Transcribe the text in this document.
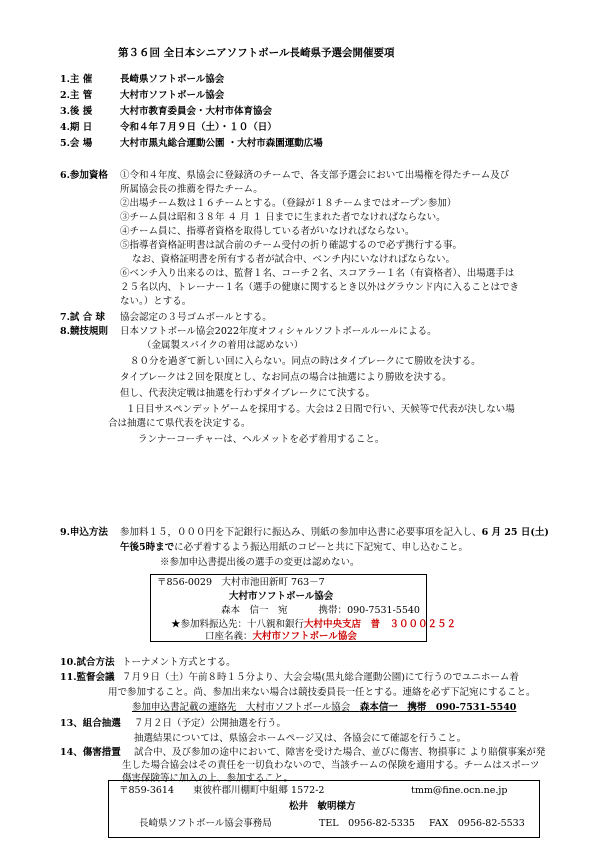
第３６回 全日本シニアソフトボール長崎県予選会開催要項
1.主 催	長崎県ソフトボール協会
2.主 管	大村市ソフトボール協会
3.後 援	大村市教育委員会・大村市体育協会
4.期 日	令和４年７月９日（土）・１０（日）
5.会 場	大村市黒丸総合運動公園 ・大村市森園運動広場
6.参加資格 ①令和４年度、県協会に登録済のチームで、各支部予選会において出場権を得たチーム及び
所属協会長の推薦を得たチーム。
②出場チーム数は１６チームとする。（登録が１８チームまではオープン参加）
③チーム員は昭和３８年 ４ 月 １ 日までに生まれた者でなければならない。
④チーム員に、指導者資格を取得している者がいなければならない。
⑤指導者資格証明書は試合前のチーム受付の折り確認するので必ず携行する事。
なお、資格証明書を所有する者が試合中、ベンチ内にいなければならない。
⑥ベンチ入り出来るのは、監督１名、コーチ２名、スコアラー１名（有資格者）、出場選手は
２５名以内、トレーナー１名（選手の健康に関するとき以外はグラウンド内に入ることはでき
ない。）とする。
7.試 合 球 協会認定の３号ゴムボールとする。
8.競技規則 日本ソフトボール協会2022年度オフィシャルソフトボールルールによる。
（金属製スパイクの着用は認めない）
８０分を過ぎて新しい回に入らない。同点の時はタイブレークにて勝敗を決する。
タイブレークは２回を限度とし、なお同点の場合は抽選により勝敗を決する。
但し、代表決定戦は抽選を行わずタイブレークにて決する。
１日目サスペンデットゲームを採用する。大会は２日間で行い、天候等で代表が決しない場
合は抽選にて県代表を決定する。
ランナーコーチャーは、ヘルメットを必ず着用すること。
9.申込方法 参加料１５，０００円を下記銀行に振込み、別紙の参加申込書に必要事項を記入し、6 月 25 日(土)
午後5時までに必ず着するよう振込用紙のコピーと共に下記宛て、申し込むこと。
※参加申込書提出後の選手の変更は認めない。
〒856-0029　大村市池田新町 763－7
大村市ソフトボール協会
森本　信一　宛	携帯：090-7531-5540
★参加料振込先：十八親和銀行大村中央支店　普　３０００２５２
口座名義：大村市ソフトボール協会
10.試合方法 トーナメント方式とする。
11.監督会議 ７月９日（土）午前８時１５分より、大会会場(黒丸総合運動公園)にて行うのでユニホーム着
用で参加すること。尚、参加出来ない場合は競技委員長一任とする。連絡を必ず下記宛にすること。
参加申込書記載の連絡先　大村市ソフトボール協会　森本信一　携帯　090-7531-5540
13、組合抽選 ７月２日（予定）公開抽選を行う。
抽選結果については、県協会ホームページ又は、各協会にて確認を行うこと。
14、傷害措置 試合中、及び参加の途中において、障害を受けた場合、並びに傷害、物損事に より賠償事案が発
生した場合協会はその責任を一切負わないので、当該チームの保険を適用する。チームはスポーツ
傷害保険等に加入の上、参加すること。
〒859-3614 東彼杵郡川棚町中組郷 1572-2	tmm@fine.ocn.ne.jp
松井　敏明様方
長崎県ソフトボール協会事務局	TEL　0956-82-5335 FAX　0956-82-5533
